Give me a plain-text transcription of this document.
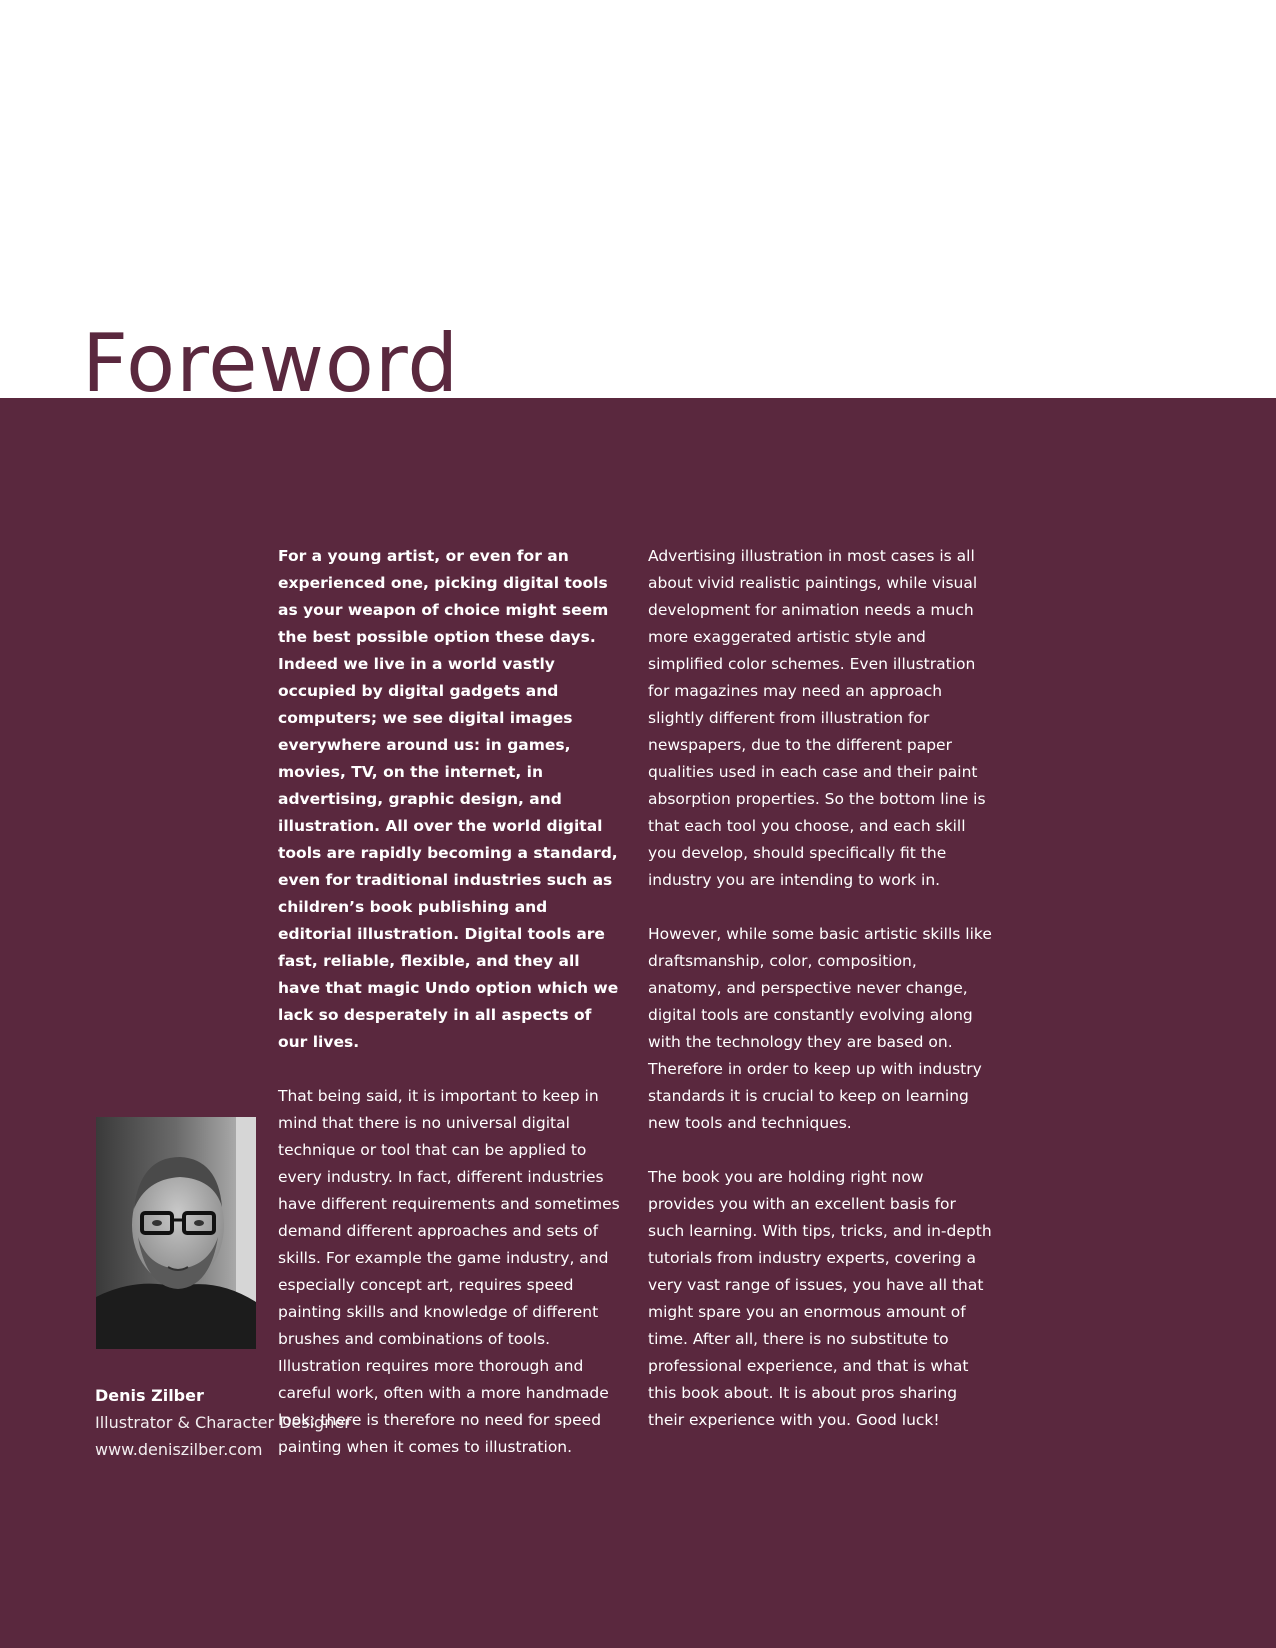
Foreword

For a young artist, or even for an experienced one, picking digital tools as your weapon of choice might seem the best possible option these days. Indeed we live in a world vastly occupied by digital gadgets and computers; we see digital images everywhere around us: in games, movies, TV, on the internet, in advertising, graphic design, and illustration. All over the world digital tools are rapidly becoming a standard, even for traditional industries such as children’s book publishing and editorial illustration. Digital tools are fast, reliable, flexible, and they all have that magic Undo option which we lack so desperately in all aspects of our lives.

That being said, it is important to keep in mind that there is no universal digital technique or tool that can be applied to every industry. In fact, different industries have different requirements and sometimes demand different approaches and sets of skills. For example the game industry, and especially concept art, requires speed painting skills and knowledge of different brushes and combinations of tools. Illustration requires more thorough and careful work, often with a more handmade look; there is therefore no need for speed painting when it comes to illustration.

Advertising illustration in most cases is all about vivid realistic paintings, while visual development for animation needs a much more exaggerated artistic style and simplified color schemes. Even illustration for magazines may need an approach slightly different from illustration for newspapers, due to the different paper qualities used in each case and their paint absorption properties. So the bottom line is that each tool you choose, and each skill you develop, should specifically fit the industry you are intending to work in.

However, while some basic artistic skills like draftsmanship, color, composition, anatomy, and perspective never change, digital tools are constantly evolving along with the technology they are based on. Therefore in order to keep up with industry standards it is crucial to keep on learning new tools and techniques.

The book you are holding right now provides you with an excellent basis for such learning. With tips, tricks, and in-depth tutorials from industry experts, covering a very vast range of issues, you have all that might spare you an enormous amount of time. After all, there is no substitute to professional experience, and that is what this book about. It is about pros sharing their experience with you. Good luck!

Denis Zilber
Illustrator & Character Designer
www.deniszilber.com
